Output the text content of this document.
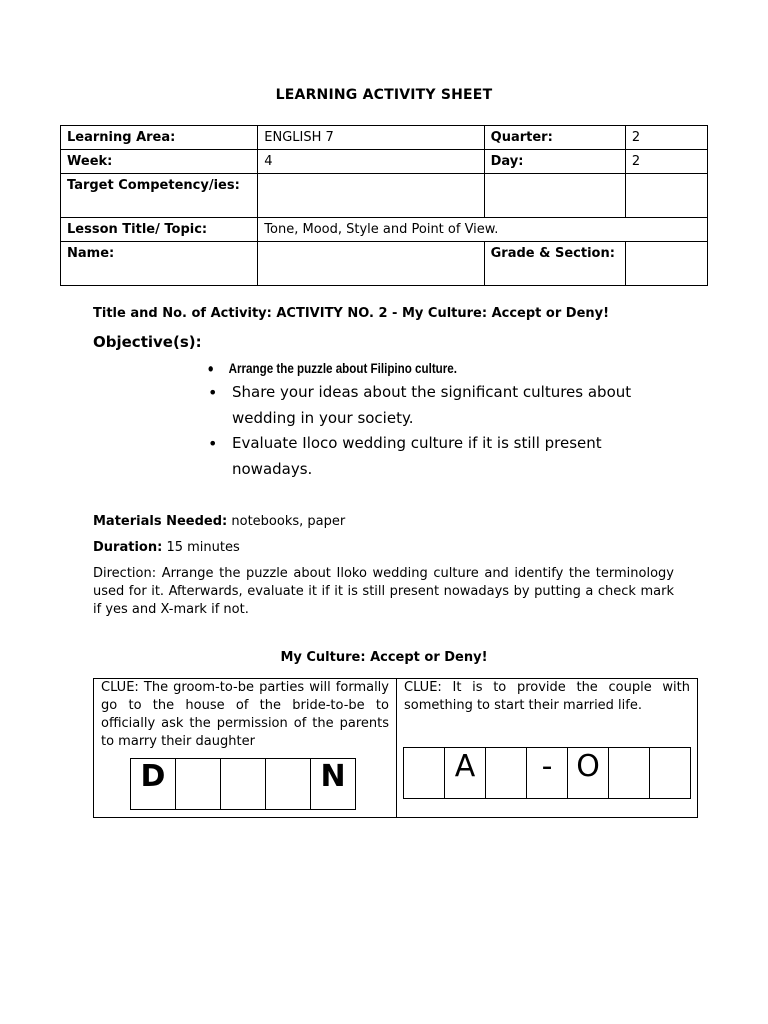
LEARNING ACTIVITY SHEET
Learning Area:	ENGLISH 7	Quarter:	2
Week:	4	Day:	2
Target Competency/ies:			
Lesson Title/ Topic:	Tone, Mood, Style and Point of View.		
Name:		Grade & Section:	
Title and No. of Activity: ACTIVITY NO. 2 - My Culture: Accept or Deny!
Objective(s):
• Arrange the puzzle about Filipino culture.
• Share your ideas about the significant cultures about wedding in your society.
• Evaluate Iloco wedding culture if it is still present nowadays.
Materials Needed: notebooks, paper
Duration: 15 minutes
Direction: Arrange the puzzle about Iloko wedding culture and identify the terminology used for it. Afterwards, evaluate it if it is still present nowadays by putting a check mark if yes and X-mark if not.
My Culture: Accept or Deny!
CLUE: The groom-to-be parties will formally go to the house of the bride-to-be to officially ask the permission of the parents to marry their daughter
D	N
CLUE: It is to provide the couple with something to start their married life.
A	- O
